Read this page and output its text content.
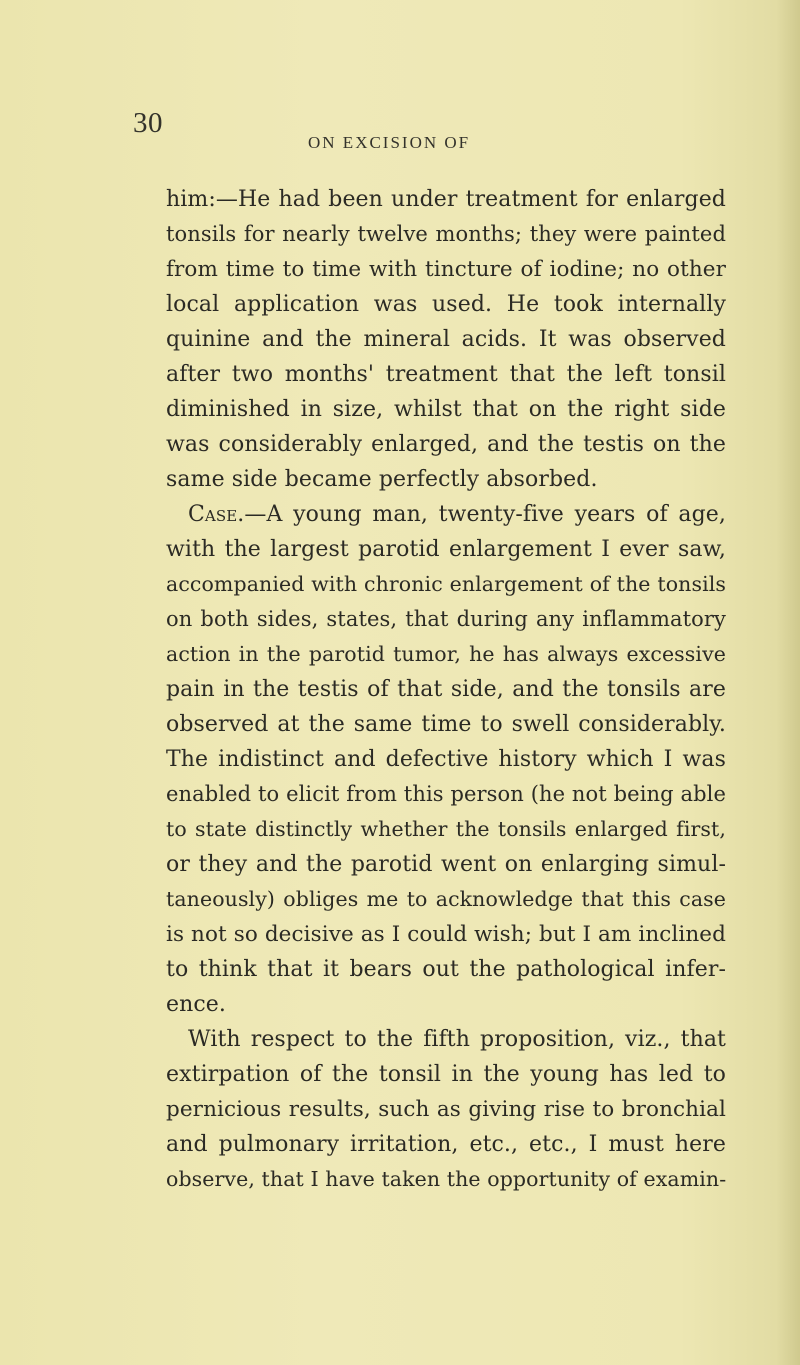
30
ON EXCISION OF
him:—He had been under treatment for enlarged
tonsils for nearly twelve months; they were painted
from time to time with tincture of iodine; no other
local application was used. He took internally
quinine and the mineral acids. It was observed
after two months' treatment that the left tonsil
diminished in size, whilst that on the right side
was considerably enlarged, and the testis on the
same side became perfectly absorbed.
Case.—A young man, twenty-five years of age,
with the largest parotid enlargement I ever saw,
accompanied with chronic enlargement of the tonsils
on both sides, states, that during any inflammatory
action in the parotid tumor, he has always excessive
pain in the testis of that side, and the tonsils are
observed at the same time to swell considerably.
The indistinct and defective history which I was
enabled to elicit from this person (he not being able
to state distinctly whether the tonsils enlarged first,
or they and the parotid went on enlarging simul-
taneously) obliges me to acknowledge that this case
is not so decisive as I could wish; but I am inclined
to think that it bears out the pathological infer-
ence.
With respect to the fifth proposition, viz., that
extirpation of the tonsil in the young has led to
pernicious results, such as giving rise to bronchial
and pulmonary irritation, etc., etc., I must here
observe, that I have taken the opportunity of examin-
